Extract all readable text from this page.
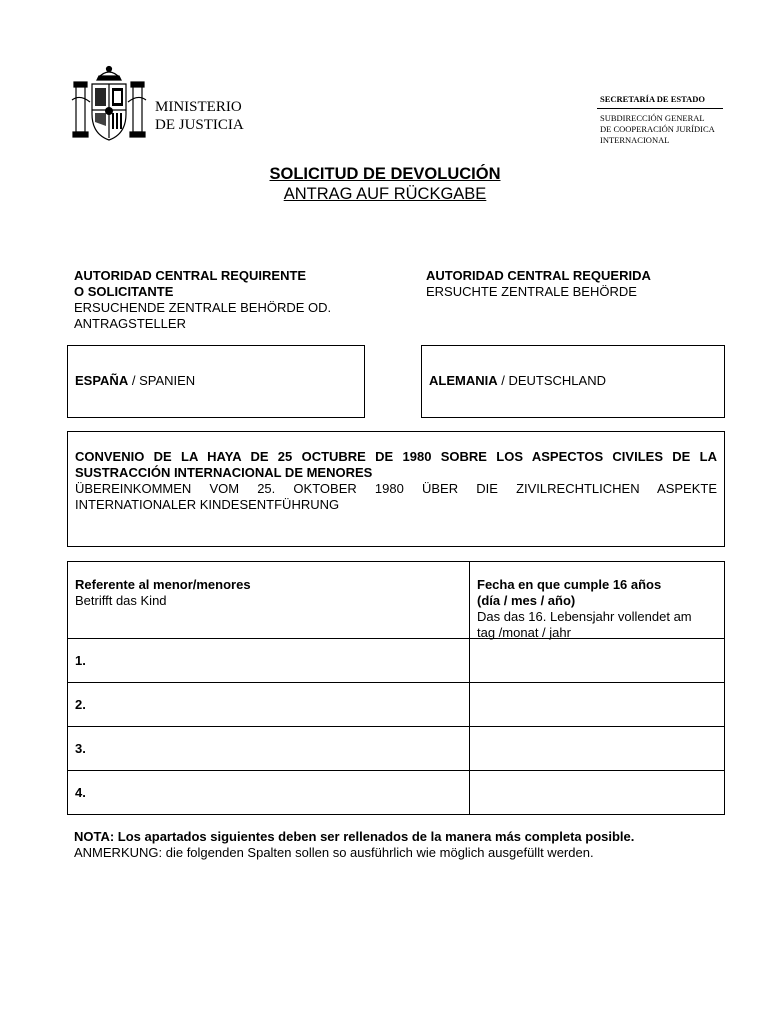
MINISTERIO
DE JUSTICIA
SECRETARÍA DE ESTADO
SUBDIRECCIÓN GENERAL
DE COOPERACIÓN JURÍDICA
INTERNACIONAL
SOLICITUD DE DEVOLUCIÓN
ANTRAG AUF RÜCKGABE
AUTORIDAD CENTRAL REQUIRENTE
O SOLICITANTE
ERSUCHENDE ZENTRALE BEHÖRDE OD.
ANTRAGSTELLER
AUTORIDAD CENTRAL REQUERIDA
ERSUCHTE ZENTRALE BEHÖRDE
ESPAÑA / SPANIEN	ALEMANIA / DEUTSCHLAND
CONVENIO DE LA HAYA DE 25 OCTUBRE DE 1980 SOBRE LOS ASPECTOS CIVILES DE LA
SUSTRACCIÓN INTERNACIONAL DE MENORES
ÜBEREINKOMMEN VOM 25. OKTOBER 1980 ÜBER DIE ZIVILRECHTLICHEN ASPEKTE
INTERNATIONALER KINDESENTFÜHRUNG
Referente al menor/menores
Betrifft das Kind
Fecha en que cumple 16 años
(día / mes / año)
Das das 16. Lebensjahr vollendet am
tag /monat / jahr
1.
2.
3.
4.
NOTA: Los apartados siguientes deben ser rellenados de la manera más completa posible.
ANMERKUNG: die folgenden Spalten sollen so ausführlich wie möglich ausgefüllt werden.
